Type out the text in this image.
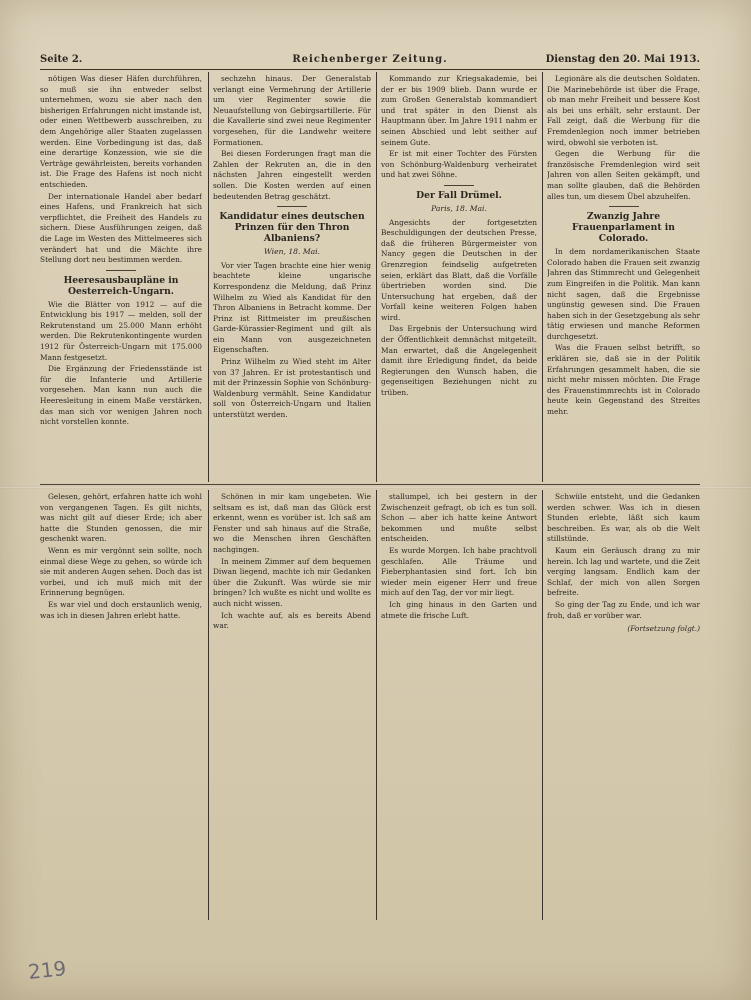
Seite 2.	Reichenberger Zeitung.	Dienstag den 20. Mai 1913.

nötigen Was dieser Häfen durchführen, so muß sie ihn entweder selbst unternehmen, wozu sie aber nach den bisherigen Erfahrungen nicht imstande ist, oder einen Wettbewerb ausschreiben, zu dem Angehörige aller Staaten zugelassen werden. Eine Vorbedingung ist das, daß eine derartige Konzession, wie sie die Verträge gewährleisten, bereits vorhanden ist. Die Frage des Hafens ist noch nicht entschieden.

Der internationale Handel aber bedarf eines Hafens, und Frankreich hat sich verpflichtet, die Freiheit des Handels zu sichern. Diese Ausführungen zeigen, daß die Lage im Westen des Mittelmeeres sich verändert hat und die Mächte ihre Stellung dort neu bestimmen werden.

Heeresausbaupläne in Oesterreich-Ungarn.

Wie die Blätter von 1912 — auf die Entwicklung bis 1917 — melden, soll der Rekrutenstand um 25.000 Mann erhöht werden. Die Rekrutenkontingente wurden 1912 für Österreich-Ungarn mit 175.000 Mann festgesetzt.

Die Ergänzung der Friedensstände ist für die Infanterie und Artillerie vorgesehen. Man kann nun auch die Heeresleitung in einem Maße verstärken, das man sich vor wenigen Jahren noch nicht vorstellen konnte.

sechzehn hinaus. Der Generalstab verlangt eine Vermehrung der Artillerie um vier Regimenter sowie die Neuaufstellung von Gebirgsartillerie. Für die Kavallerie sind zwei neue Regimenter vorgesehen, für die Landwehr weitere Formationen.

Bei diesen Forderungen fragt man die Zahlen der Rekruten an, die in den nächsten Jahren eingestellt werden sollen. Die Kosten werden auf einen bedeutenden Betrag geschätzt.

Kandidatur eines deutschen Prinzen für den Thron Albaniens?
Wien, 18. Mai.

Vor vier Tagen brachte eine hier wenig beachtete kleine ungarische Korrespondenz die Meldung, daß Prinz Wilhelm zu Wied als Kandidat für den Thron Albaniens in Betracht komme. Der Prinz ist Rittmeister im preußischen Garde-Kürassier-Regiment und gilt als ein Mann von ausgezeichneten Eigenschaften.

Prinz Wilhelm zu Wied steht im Alter von 37 Jahren. Er ist protestantisch und mit der Prinzessin Sophie von Schönburg-Waldenburg vermählt. Seine Kandidatur soll von Österreich-Ungarn und Italien unterstützt werden.

Kommando zur Kriegsakademie, bei der er bis 1909 blieb. Dann wurde er zum Großen Generalstab kommandiert und trat später in den Dienst als Hauptmann über. Im Jahre 1911 nahm er seinen Abschied und lebt seither auf seinem Gute.

Er ist mit einer Tochter des Fürsten von Schönburg-Waldenburg verheiratet und hat zwei Söhne.

Der Fall Drümel.
Paris, 18. Mai.

Angesichts der fortgesetzten Beschuldigungen der deutschen Presse, daß die früheren Bürgermeister von Nancy gegen die Deutschen in der Grenzregion feindselig aufgetreten seien, erklärt das Blatt, daß die Vorfälle übertrieben worden sind. Die Untersuchung hat ergeben, daß der Vorfall keine weiteren Folgen haben wird.

Das Ergebnis der Untersuchung wird der Öffentlichkeit demnächst mitgeteilt. Man erwartet, daß die Angelegenheit damit ihre Erledigung findet, da beide Regierungen den Wunsch haben, die gegenseitigen Beziehungen nicht zu trüben.

Legionäre als die deutschen Soldaten. Die Marinebehörde ist über die Frage, ob man mehr Freiheit und bessere Kost als bei uns erhält, sehr erstaunt. Der Fall zeigt, daß die Werbung für die Fremdenlegion noch immer betrieben wird, obwohl sie verboten ist.

Gegen die Werbung für die französische Fremdenlegion wird seit Jahren von allen Seiten gekämpft, und man sollte glauben, daß die Behörden alles tun, um diesem Übel abzuhelfen.

Zwanzig Jahre Frauenparlament in Colorado.

In dem nordamerikanischen Staate Colorado haben die Frauen seit zwanzig Jahren das Stimmrecht und Gelegenheit zum Eingreifen in die Politik. Man kann nicht sagen, daß die Ergebnisse ungünstig gewesen sind. Die Frauen haben sich in der Gesetzgebung als sehr tätig erwiesen und manche Reformen durchgesetzt.

Was die Frauen selbst betrifft, so erklären sie, daß sie in der Politik Erfahrungen gesammelt haben, die sie nicht mehr missen möchten. Die Frage des Frauenstimmrechts ist in Colorado heute kein Gegenstand des Streites mehr.

Gelesen, gehört, erfahren hatte ich wohl von vergangenen Tagen. Es gilt nichts, was nicht gilt auf dieser Erde; ich aber hatte die Stunden genossen, die mir geschenkt waren.

Wenn es mir vergönnt sein sollte, noch einmal diese Wege zu gehen, so würde ich sie mit anderen Augen sehen. Doch das ist vorbei, und ich muß mich mit der Erinnerung begnügen.

Es war viel und doch erstaunlich wenig, was ich in diesen Jahren erlebt hatte.

Schönen in mir kam ungebeten. Wie seltsam es ist, daß man das Glück erst erkennt, wenn es vorüber ist. Ich saß am Fenster und sah hinaus auf die Straße, wo die Menschen ihren Geschäften nachgingen.

In meinem Zimmer auf dem bequemen Diwan liegend, machte ich mir Gedanken über die Zukunft. Was würde sie mir bringen? Ich wußte es nicht und wollte es auch nicht wissen.

Ich wachte auf, als es bereits Abend war.

stallumpel, ich bei gestern in der Zwischenzeit gefragt, ob ich es tun soll. Schon — aber ich hatte keine Antwort bekommen und mußte selbst entscheiden.

Es wurde Morgen. Ich habe prachtvoll geschlafen. Alle Träume und Fieberphantasien sind fort. Ich bin wieder mein eigener Herr und freue mich auf den Tag, der vor mir liegt.

Ich ging hinaus in den Garten und atmete die frische Luft.

Schwüle entsteht, und die Gedanken werden schwer. Was ich in diesen Stunden erlebte, läßt sich kaum beschreiben. Es war, als ob die Welt stillstünde.

Kaum ein Geräusch drang zu mir herein. Ich lag und wartete, und die Zeit verging langsam. Endlich kam der Schlaf, der mich von allen Sorgen befreite.

So ging der Tag zu Ende, und ich war froh, daß er vorüber war.

(Fortsetzung folgt.)
219
